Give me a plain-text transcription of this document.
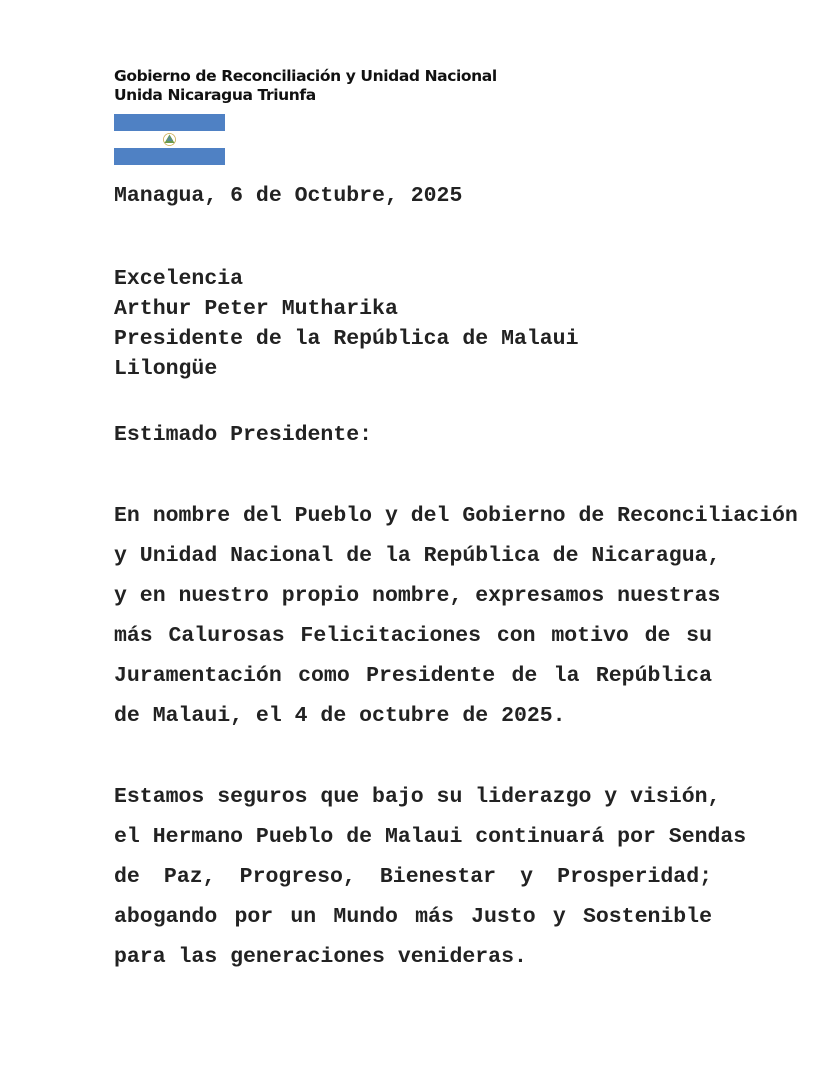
Gobierno de Reconciliación y Unidad Nacional
Unida Nicaragua Triunfa
Managua, 6 de Octubre, 2025
Excelencia
Arthur Peter Mutharika
Presidente de la República de Malaui
Lilongüe
Estimado Presidente:
En nombre del Pueblo y del Gobierno de Reconciliación
y Unidad Nacional de la República de Nicaragua,
y en nuestro propio nombre, expresamos nuestras
más Calurosas Felicitaciones con motivo de su
Juramentación como Presidente de la República
de Malaui, el 4 de octubre de 2025.
Estamos seguros que bajo su liderazgo y visión,
el Hermano Pueblo de Malaui continuará por Sendas
de Paz, Progreso, Bienestar y Prosperidad;
abogando por un Mundo más Justo y Sostenible
para las generaciones venideras.
